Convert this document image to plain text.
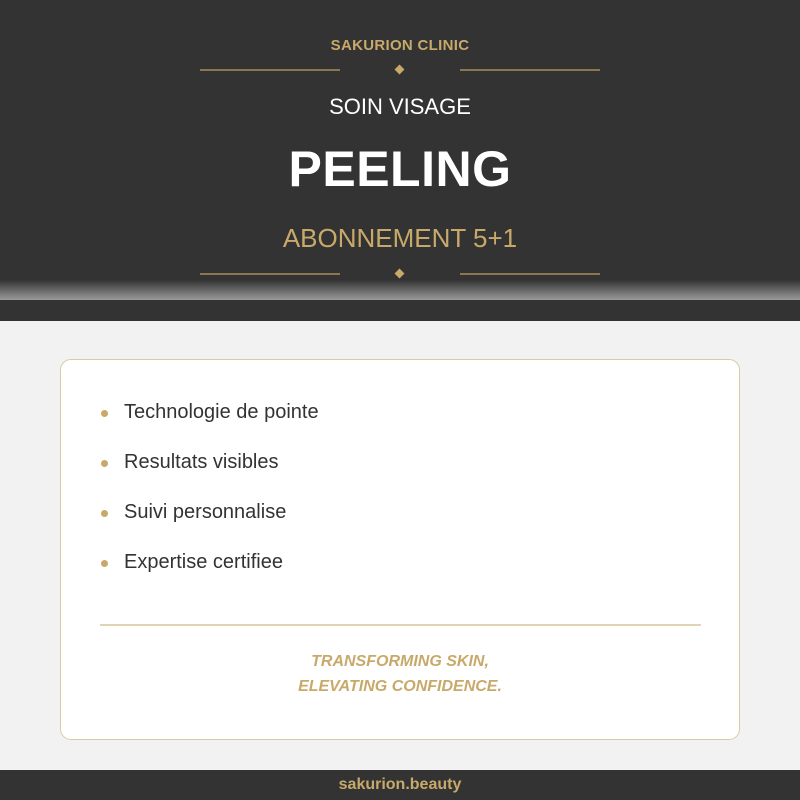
SAKURION CLINIC
SOIN VISAGE
PEELING
ABONNEMENT 5+1
Technologie de pointe
Resultats visibles
Suivi personnalise
Expertise certifiee
TRANSFORMING SKIN,
ELEVATING CONFIDENCE.
sakurion.beauty
